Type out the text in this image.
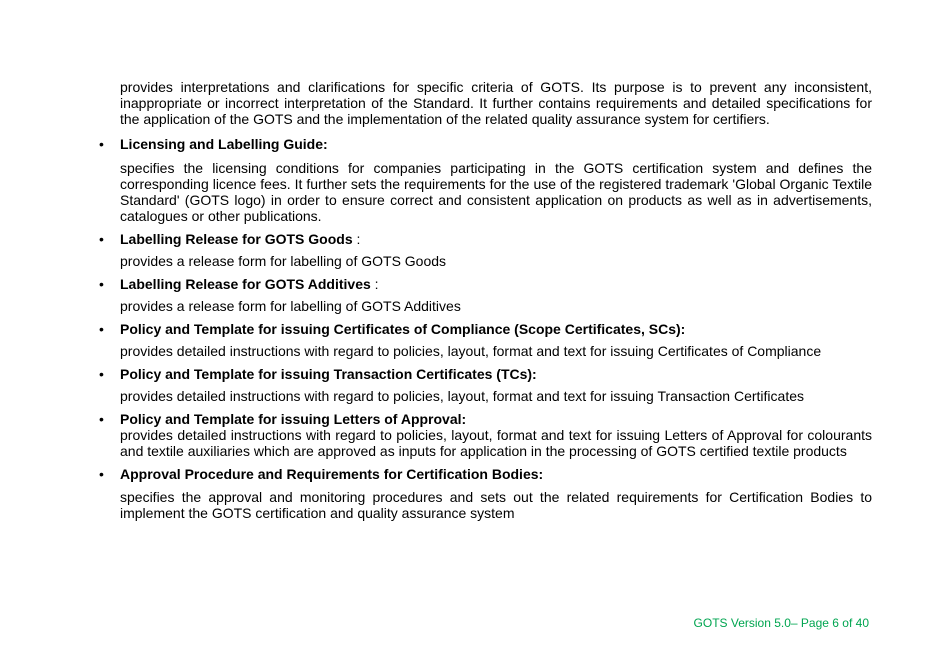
provides interpretations and clarifications for specific criteria of GOTS. Its purpose is to prevent any inconsistent, inappropriate or incorrect interpretation of the Standard. It further contains requirements and detailed specifications for the application of the GOTS and the implementation of the related quality assurance system for certifiers.

• Licensing and Labelling Guide:

specifies the licensing conditions for companies participating in the GOTS certification system and defines the corresponding licence fees. It further sets the requirements for the use of the registered trademark 'Global Organic Textile Standard' (GOTS logo) in order to ensure correct and consistent application on products as well as in advertisements, catalogues or other publications.

• Labelling Release for GOTS Goods :

provides a release form for labelling of GOTS Goods

• Labelling Release for GOTS Additives :

provides a release form for labelling of GOTS Additives

• Policy and Template for issuing Certificates of Compliance (Scope Certificates, SCs):

provides detailed instructions with regard to policies, layout, format and text for issuing Certificates of Compliance

• Policy and Template for issuing Transaction Certificates (TCs):

provides detailed instructions with regard to policies, layout, format and text for issuing Transaction Certificates

• Policy and Template for issuing Letters of Approval:

provides detailed instructions with regard to policies, layout, format and text for issuing Letters of Approval for colourants and textile auxiliaries which are approved as inputs for application in the processing of GOTS certified textile products

• Approval Procedure and Requirements for Certification Bodies:

specifies the approval and monitoring procedures and sets out the related requirements for Certification Bodies to implement the GOTS certification and quality assurance system

GOTS Version 5.0– Page 6 of 40
